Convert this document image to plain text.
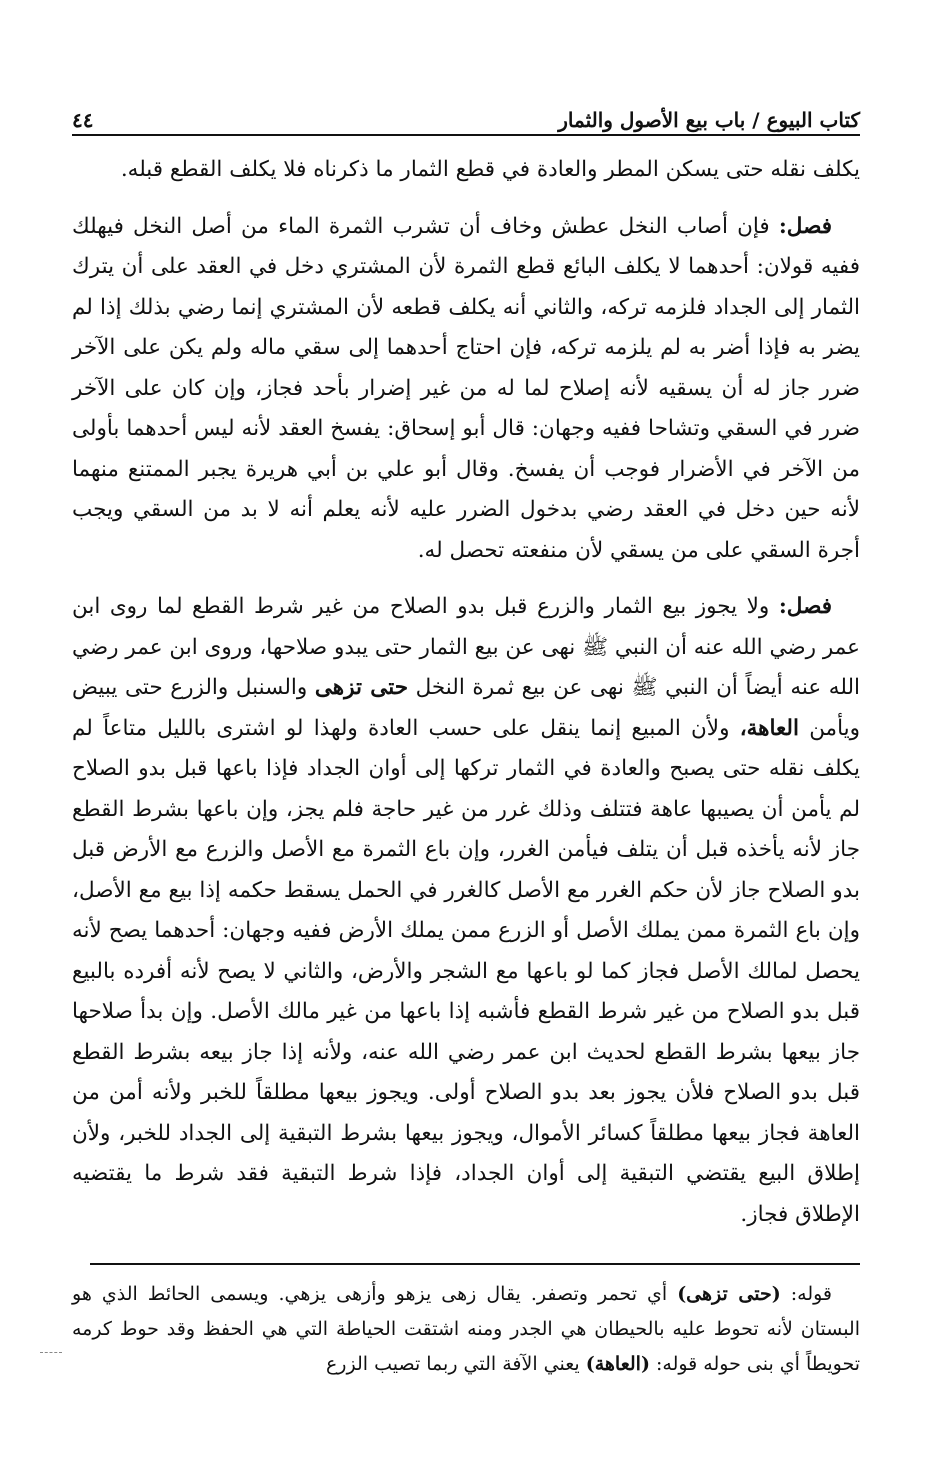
كتاب البيوع / باب بيع الأصول والثمار
٤٤

يكلف نقله حتى يسكن المطر والعادة في قطع الثمار ما ذكرناه فلا يكلف القطع قبله.

فصل: فإن أصاب النخل عطش وخاف أن تشرب الثمرة الماء من أصل النخل فيهلك ففيه قولان: أحدهما لا يكلف البائع قطع الثمرة لأن المشتري دخل في العقد على أن يترك الثمار إلى الجداد فلزمه تركه، والثاني أنه يكلف قطعه لأن المشتري إنما رضي بذلك إذا لم يضر به فإذا أضر به لم يلزمه تركه، فإن احتاج أحدهما إلى سقي ماله ولم يكن على الآخر ضرر جاز له أن يسقيه لأنه إصلاح لما له من غير إضرار بأحد فجاز، وإن كان على الآخر ضرر في السقي وتشاحا ففيه وجهان: قال أبو إسحاق: يفسخ العقد لأنه ليس أحدهما بأولى من الآخر في الأضرار فوجب أن يفسخ. وقال أبو علي بن أبي هريرة يجبر الممتنع منهما لأنه حين دخل في العقد رضي بدخول الضرر عليه لأنه يعلم أنه لا بد من السقي ويجب أجرة السقي على من يسقي لأن منفعته تحصل له.

فصل: ولا يجوز بيع الثمار والزرع قبل بدو الصلاح من غير شرط القطع لما روى ابن عمر رضي الله عنه أن النبي ﷺ نهى عن بيع الثمار حتى يبدو صلاحها، وروى ابن عمر رضي الله عنه أيضاً أن النبي ﷺ نهى عن بيع ثمرة النخل حتى تزهى والسنبل والزرع حتى يبيض ويأمن العاهة، ولأن المبيع إنما ينقل على حسب العادة ولهذا لو اشترى بالليل متاعاً لم يكلف نقله حتى يصبح والعادة في الثمار تركها إلى أوان الجداد فإذا باعها قبل بدو الصلاح لم يأمن أن يصيبها عاهة فتتلف وذلك غرر من غير حاجة فلم يجز، وإن باعها بشرط القطع جاز لأنه يأخذه قبل أن يتلف فيأمن الغرر، وإن باع الثمرة مع الأصل والزرع مع الأرض قبل بدو الصلاح جاز لأن حكم الغرر مع الأصل كالغرر في الحمل يسقط حكمه إذا بيع مع الأصل، وإن باع الثمرة ممن يملك الأصل أو الزرع ممن يملك الأرض ففيه وجهان: أحدهما يصح لأنه يحصل لمالك الأصل فجاز كما لو باعها مع الشجر والأرض، والثاني لا يصح لأنه أفرده بالبيع قبل بدو الصلاح من غير شرط القطع فأشبه إذا باعها من غير مالك الأصل. وإن بدأ صلاحها جاز بيعها بشرط القطع لحديث ابن عمر رضي الله عنه، ولأنه إذا جاز بيعه بشرط القطع قبل بدو الصلاح فلأن يجوز بعد بدو الصلاح أولى. ويجوز بيعها مطلقاً للخبر ولأنه أمن من العاهة فجاز بيعها مطلقاً كسائر الأموال، ويجوز بيعها بشرط التبقية إلى الجداد للخبر، ولأن إطلاق البيع يقتضي التبقية إلى أوان الجداد، فإذا شرط التبقية فقد شرط ما يقتضيه الإطلاق فجاز.

قوله: (حتى تزهى) أي تحمر وتصفر. يقال زهى يزهو وأزهى يزهي. ويسمى الحائط الذي هو البستان لأنه تحوط عليه بالحيطان هي الجدر ومنه اشتقت الحياطة التي هي الحفظ وقد حوط كرمه تحويطاً أي بنى حوله قوله: (العاهة) يعني الآفة التي ربما تصيب الزرع
